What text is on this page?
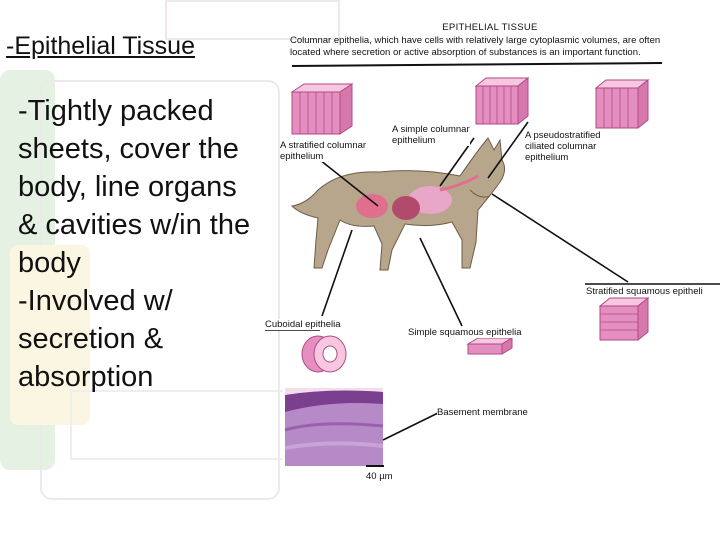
-Epithelial Tissue
-Tightly packed
sheets, cover the
body, line organs
& cavities w/in the
body
-Involved w/
secretion &
absorption
EPITHELIAL TISSUE
Columnar epithelia, which have cells with relatively large cytoplasmic volumes, are often
located where secretion or active absorption of substances is an important function.
A stratified columnar
epithelium
A simple columnar
epithelium	A pseudostratified
ciliated columnar
epithelium
Stratified squamous epitheli
Cuboidal epithelia
Simple squamous epithelia
Basement membrane
40 µm
